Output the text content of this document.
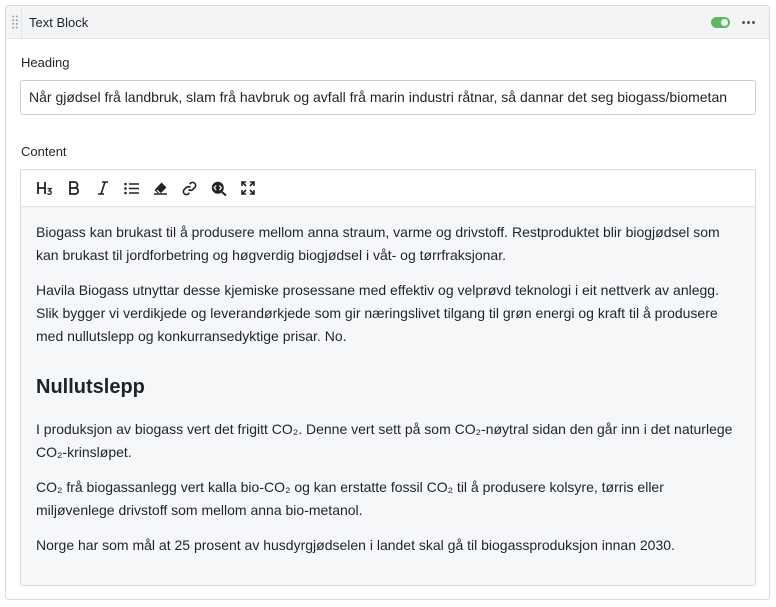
Text Block
Heading
Når gjødsel frå landbruk, slam frå havbruk og avfall frå marin industri råtnar, så dannar det seg biogass/biometan
Content

Biogass kan brukast til å produsere mellom anna straum, varme og drivstoff. Restproduktet blir biogjødsel som kan brukast til jordforbetring og høgverdig biogjødsel i våt- og tørrfraksjonar.

Havila Biogass utnyttar desse kjemiske prosessane med effektiv og velprøvd teknologi i eit nettverk av anlegg. Slik bygger vi verdikjede og leverandørkjede som gir næringslivet tilgang til grøn energi og kraft til å produsere med nullutslepp og konkurransedyktige prisar. No.

Nullutslepp

I produksjon av biogass vert det frigitt CO₂. Denne vert sett på som CO₂-nøytral sidan den går inn i det naturlege CO₂-krinsløpet.

CO₂ frå biogassanlegg vert kalla bio-CO₂ og kan erstatte fossil CO₂ til å produsere kolsyre, tørris eller miljøvenlege drivstoff som mellom anna bio-metanol.

Norge har som mål at 25 prosent av husdyrgjødselen i landet skal gå til biogassproduksjon innan 2030.
